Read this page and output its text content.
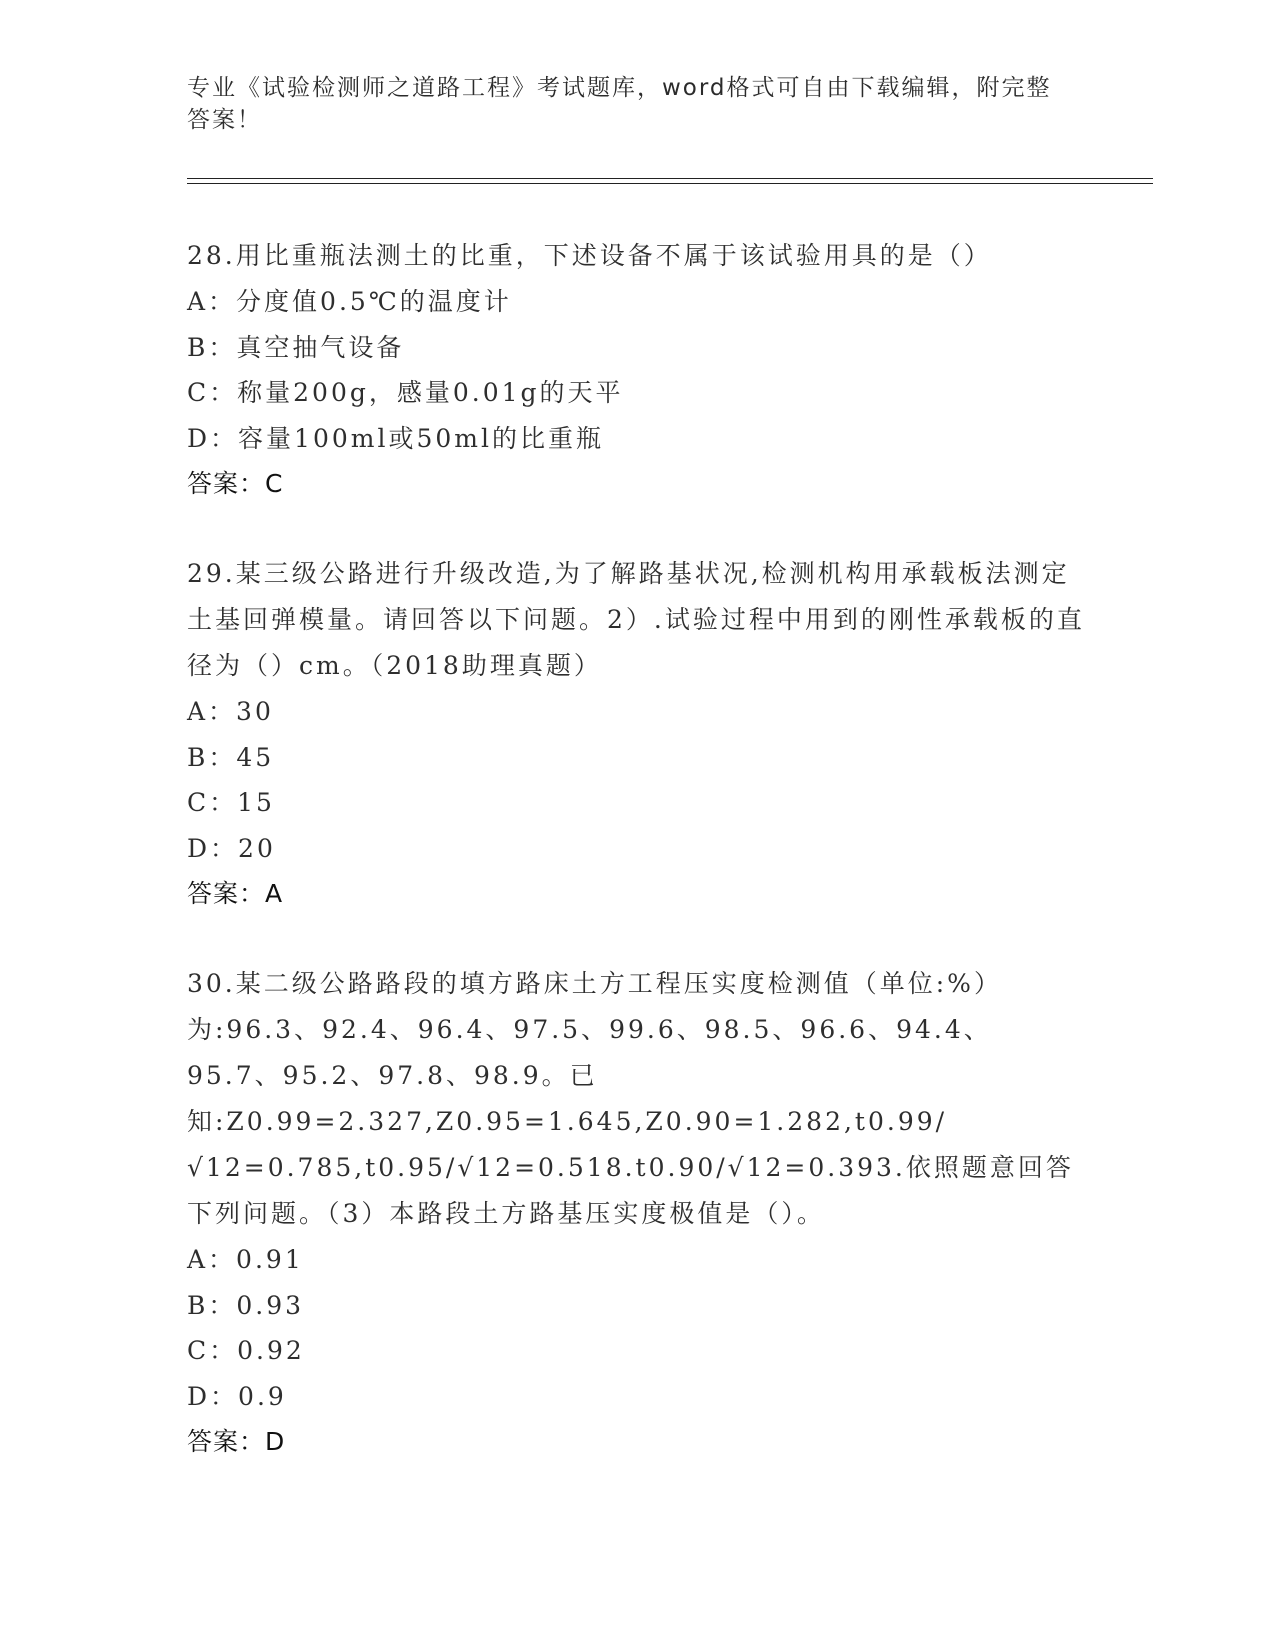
专业《试验检测师之道路工程》考试题库，word格式可自由下载编辑，附完整答案！
28.用比重瓶法测土的比重，下述设备不属于该试验用具的是（）
A：分度值0.5℃的温度计
B：真空抽气设备
C：称量200g，感量0.01g的天平
D：容量100ml或50ml的比重瓶
答案：C
29.某三级公路进行升级改造,为了解路基状况,检测机构用承载板法测定土基回弹模量。请回答以下问题。2）.试验过程中用到的刚性承载板的直径为（）cm。（2018助理真题）
A：30
B：45
C：15
D：20
答案：A
30.某二级公路路段的填方路床土方工程压实度检测值（单位:%）为:96.3、92.4、96.4、97.5、99.6、98.5、96.6、94.4、95.7、95.2、97.8、98.9。已知:Z0.99=2.327,Z0.95=1.645,Z0.90=1.282,t0.99/√12=0.785,t0.95/√12=0.518.t0.90/√12=0.393.依照题意回答下列问题。（3）本路段土方路基压实度极值是（）。
A：0.91
B：0.93
C：0.92
D：0.9
答案：D
